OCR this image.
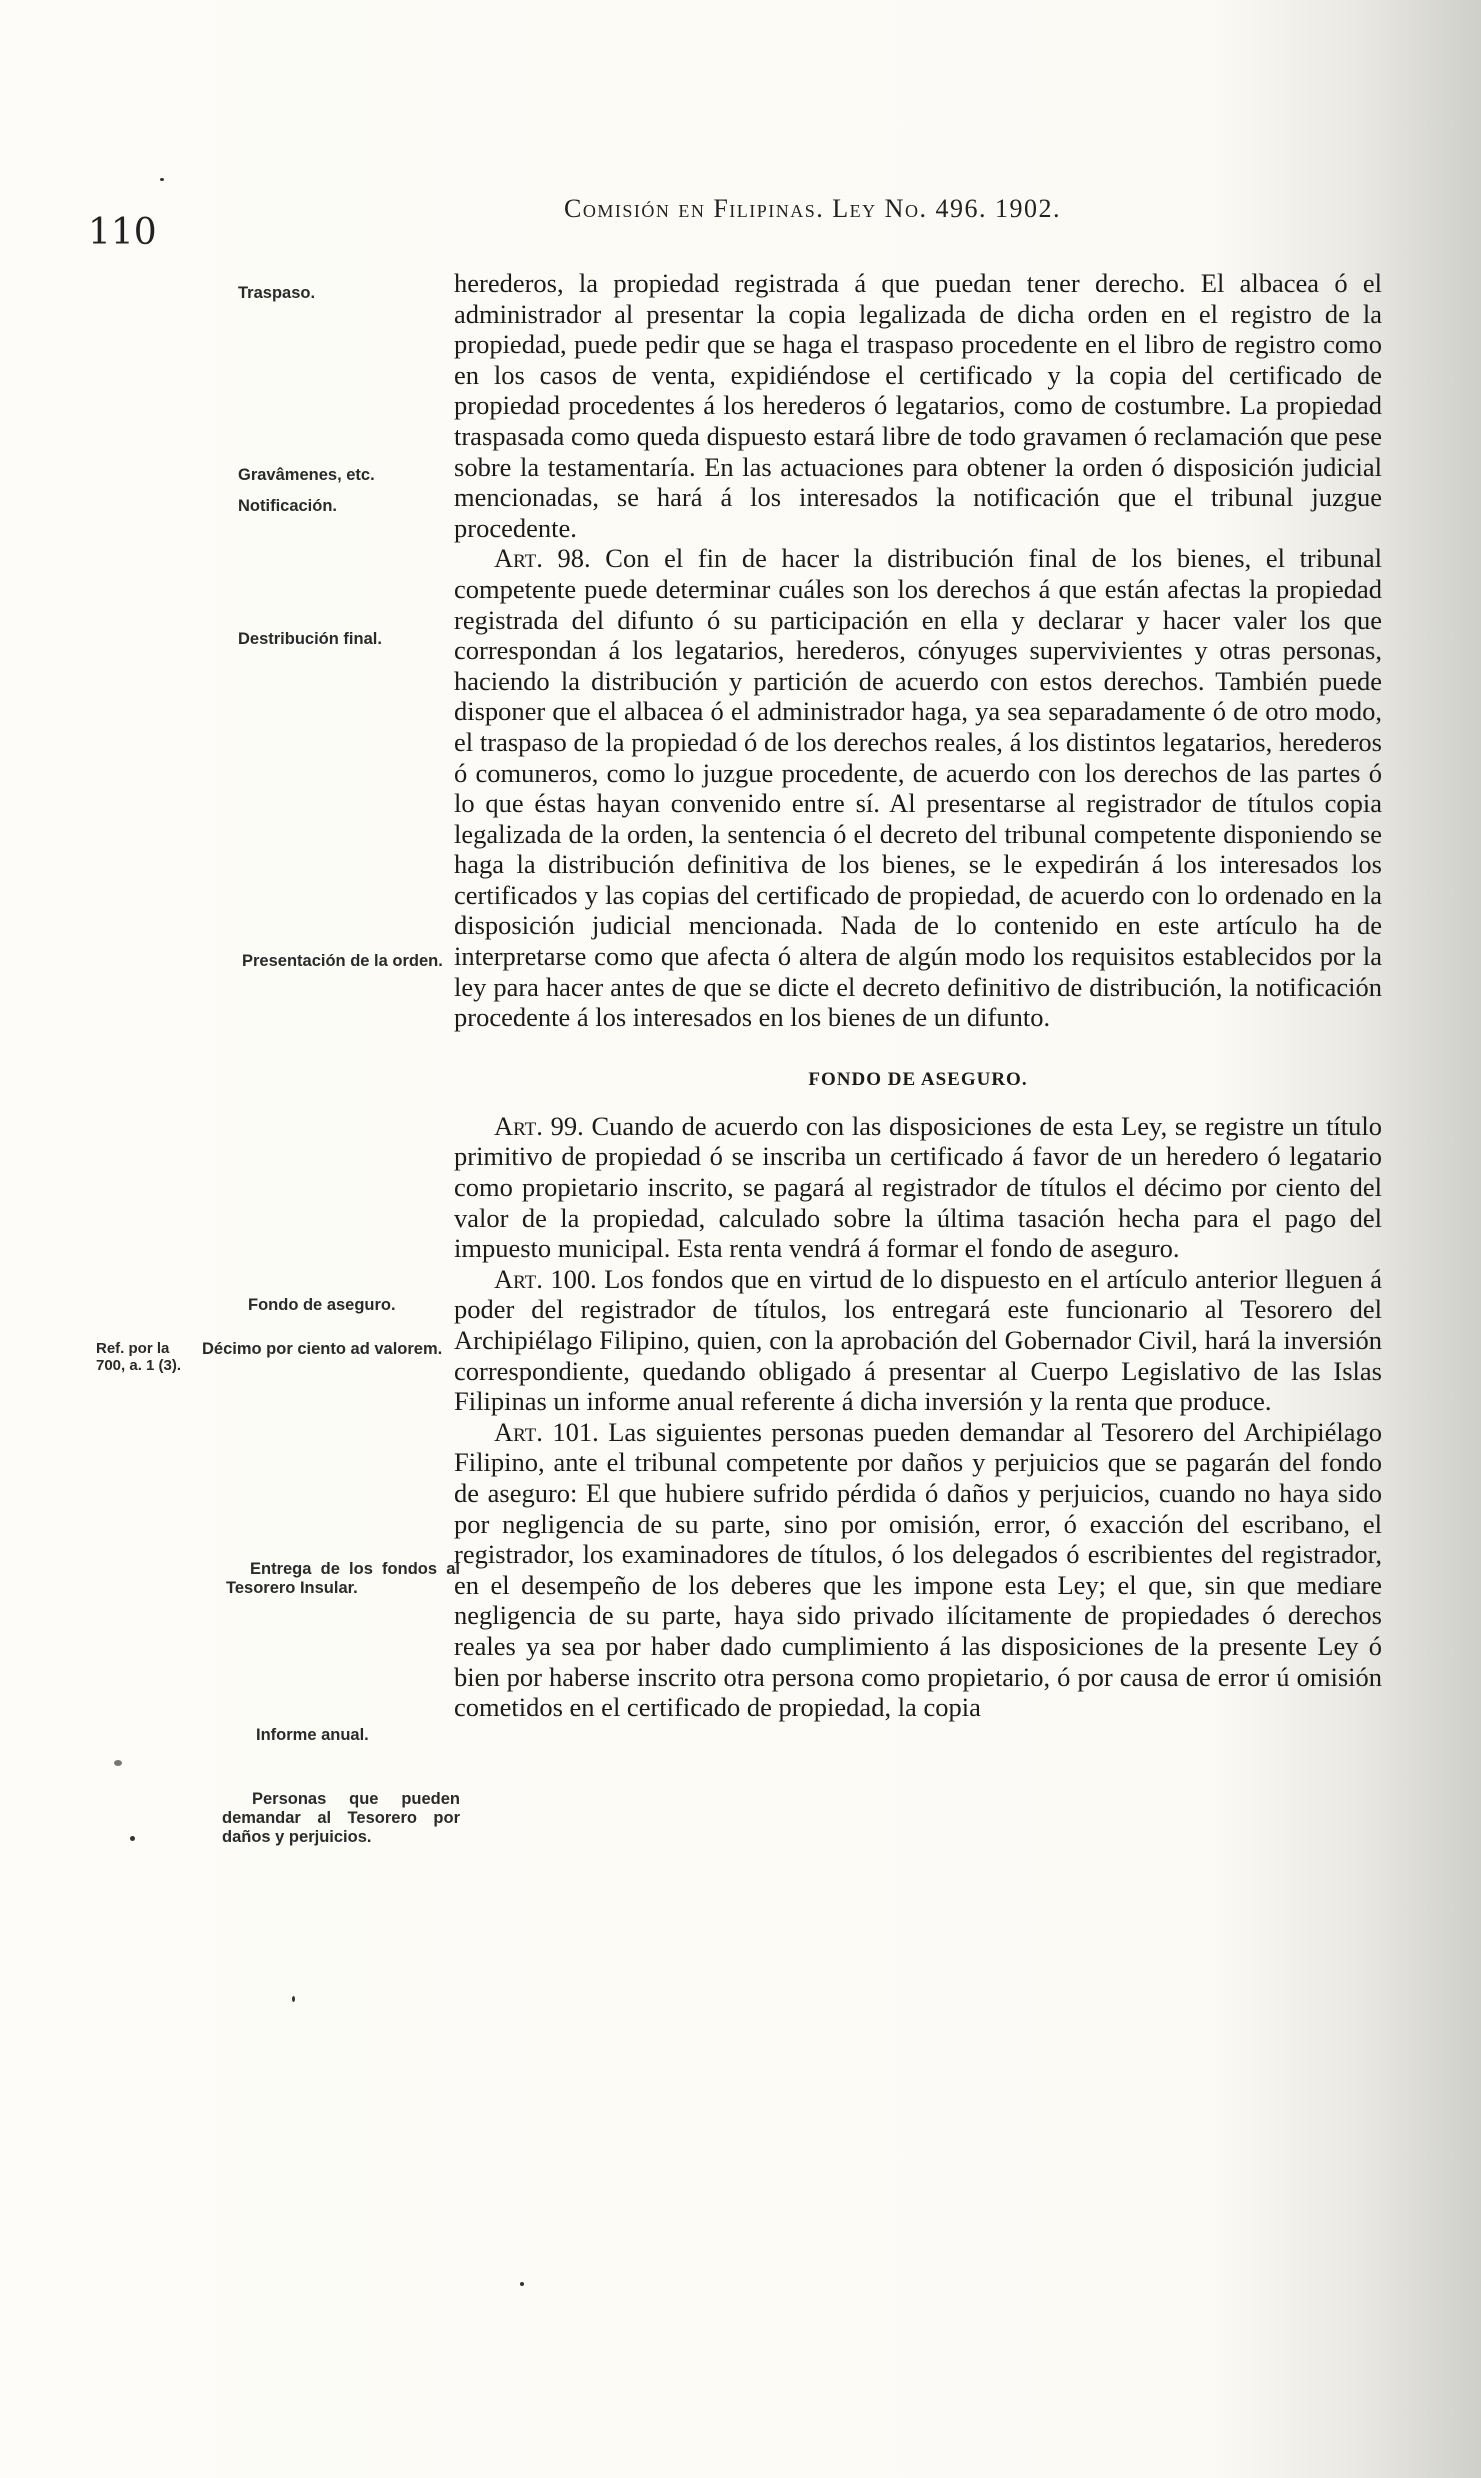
110
Comisión en Filipinas. Ley No. 496. 1902.
Traspaso.
Gravâmenes, etc.
Notificación.
Destribución final.
Presentación de la orden.
Fondo de aseguro.
Ref. por la 700, a. 1 (3).
Décimo por ciento ad valorem.
Entrega de los fondos al Tesorero Insular.
Informe anual.
Personas que pueden demandar al Tesorero por daños y perjuicios.

herederos, la propiedad registrada á que puedan tener derecho. El albacea ó el administrador al presentar la copia legalizada de dicha orden en el registro de la propiedad, puede pedir que se haga el traspaso procedente en el libro de registro como en los casos de venta, expidiéndose el certificado y la copia del certificado de propiedad procedentes á los herederos ó legatarios, como de costumbre. La propiedad traspasada como queda dispuesto estará libre de todo gravamen ó reclamación que pese sobre la testamentaría. En las actuaciones para obtener la orden ó disposición judicial mencionadas, se hará á los interesados la notificación que el tribunal juzgue procedente.

Art. 98. Con el fin de hacer la distribución final de los bienes, el tribunal competente puede determinar cuáles son los derechos á que están afectas la propiedad registrada del difunto ó su participación en ella y declarar y hacer valer los que correspondan á los legatarios, herederos, cónyuges supervivientes y otras personas, haciendo la distribución y partición de acuerdo con estos derechos. También puede disponer que el albacea ó el administrador haga, ya sea separadamente ó de otro modo, el traspaso de la propiedad ó de los derechos reales, á los distintos legatarios, herederos ó comuneros, como lo juzgue procedente, de acuerdo con los derechos de las partes ó lo que éstas hayan convenido entre sí. Al presentarse al registrador de títulos copia legalizada de la orden, la sentencia ó el decreto del tribunal competente disponiendo se haga la distribución definitiva de los bienes, se le expedirán á los interesados los certificados y las copias del certificado de propiedad, de acuerdo con lo ordenado en la disposición judicial mencionada. Nada de lo contenido en este artículo ha de interpretarse como que afecta ó altera de algún modo los requisitos establecidos por la ley para hacer antes de que se dicte el decreto definitivo de distribución, la notificación procedente á los interesados en los bienes de un difunto.

FONDO DE ASEGURO.

Art. 99. Cuando de acuerdo con las disposiciones de esta Ley, se registre un título primitivo de propiedad ó se inscriba un certificado á favor de un heredero ó legatario como propietario inscrito, se pagará al registrador de títulos el décimo por ciento del valor de la propiedad, calculado sobre la última tasación hecha para el pago del impuesto municipal. Esta renta vendrá á formar el fondo de aseguro.

Art. 100. Los fondos que en virtud de lo dispuesto en el artículo anterior lleguen á poder del registrador de títulos, los entregará este funcionario al Tesorero del Archipiélago Filipino, quien, con la aprobación del Gobernador Civil, hará la inversión correspondiente, quedando obligado á presentar al Cuerpo Legislativo de las Islas Filipinas un informe anual referente á dicha inversión y la renta que produce.

Art. 101. Las siguientes personas pueden demandar al Tesorero del Archipiélago Filipino, ante el tribunal competente por daños y perjuicios que se pagarán del fondo de aseguro: El que hubiere sufrido pérdida ó daños y perjuicios, cuando no haya sido por negligencia de su parte, sino por omisión, error, ó exacción del escribano, el registrador, los examinadores de títulos, ó los delegados ó escribientes del registrador, en el desempeño de los deberes que les impone esta Ley; el que, sin que mediare negligencia de su parte, haya sido privado ilícitamente de propiedades ó derechos reales ya sea por haber dado cumplimiento á las disposiciones de la presente Ley ó bien por haberse inscrito otra persona como propietario, ó por causa de error ú omisión cometidos en el certificado de propiedad, la copia
